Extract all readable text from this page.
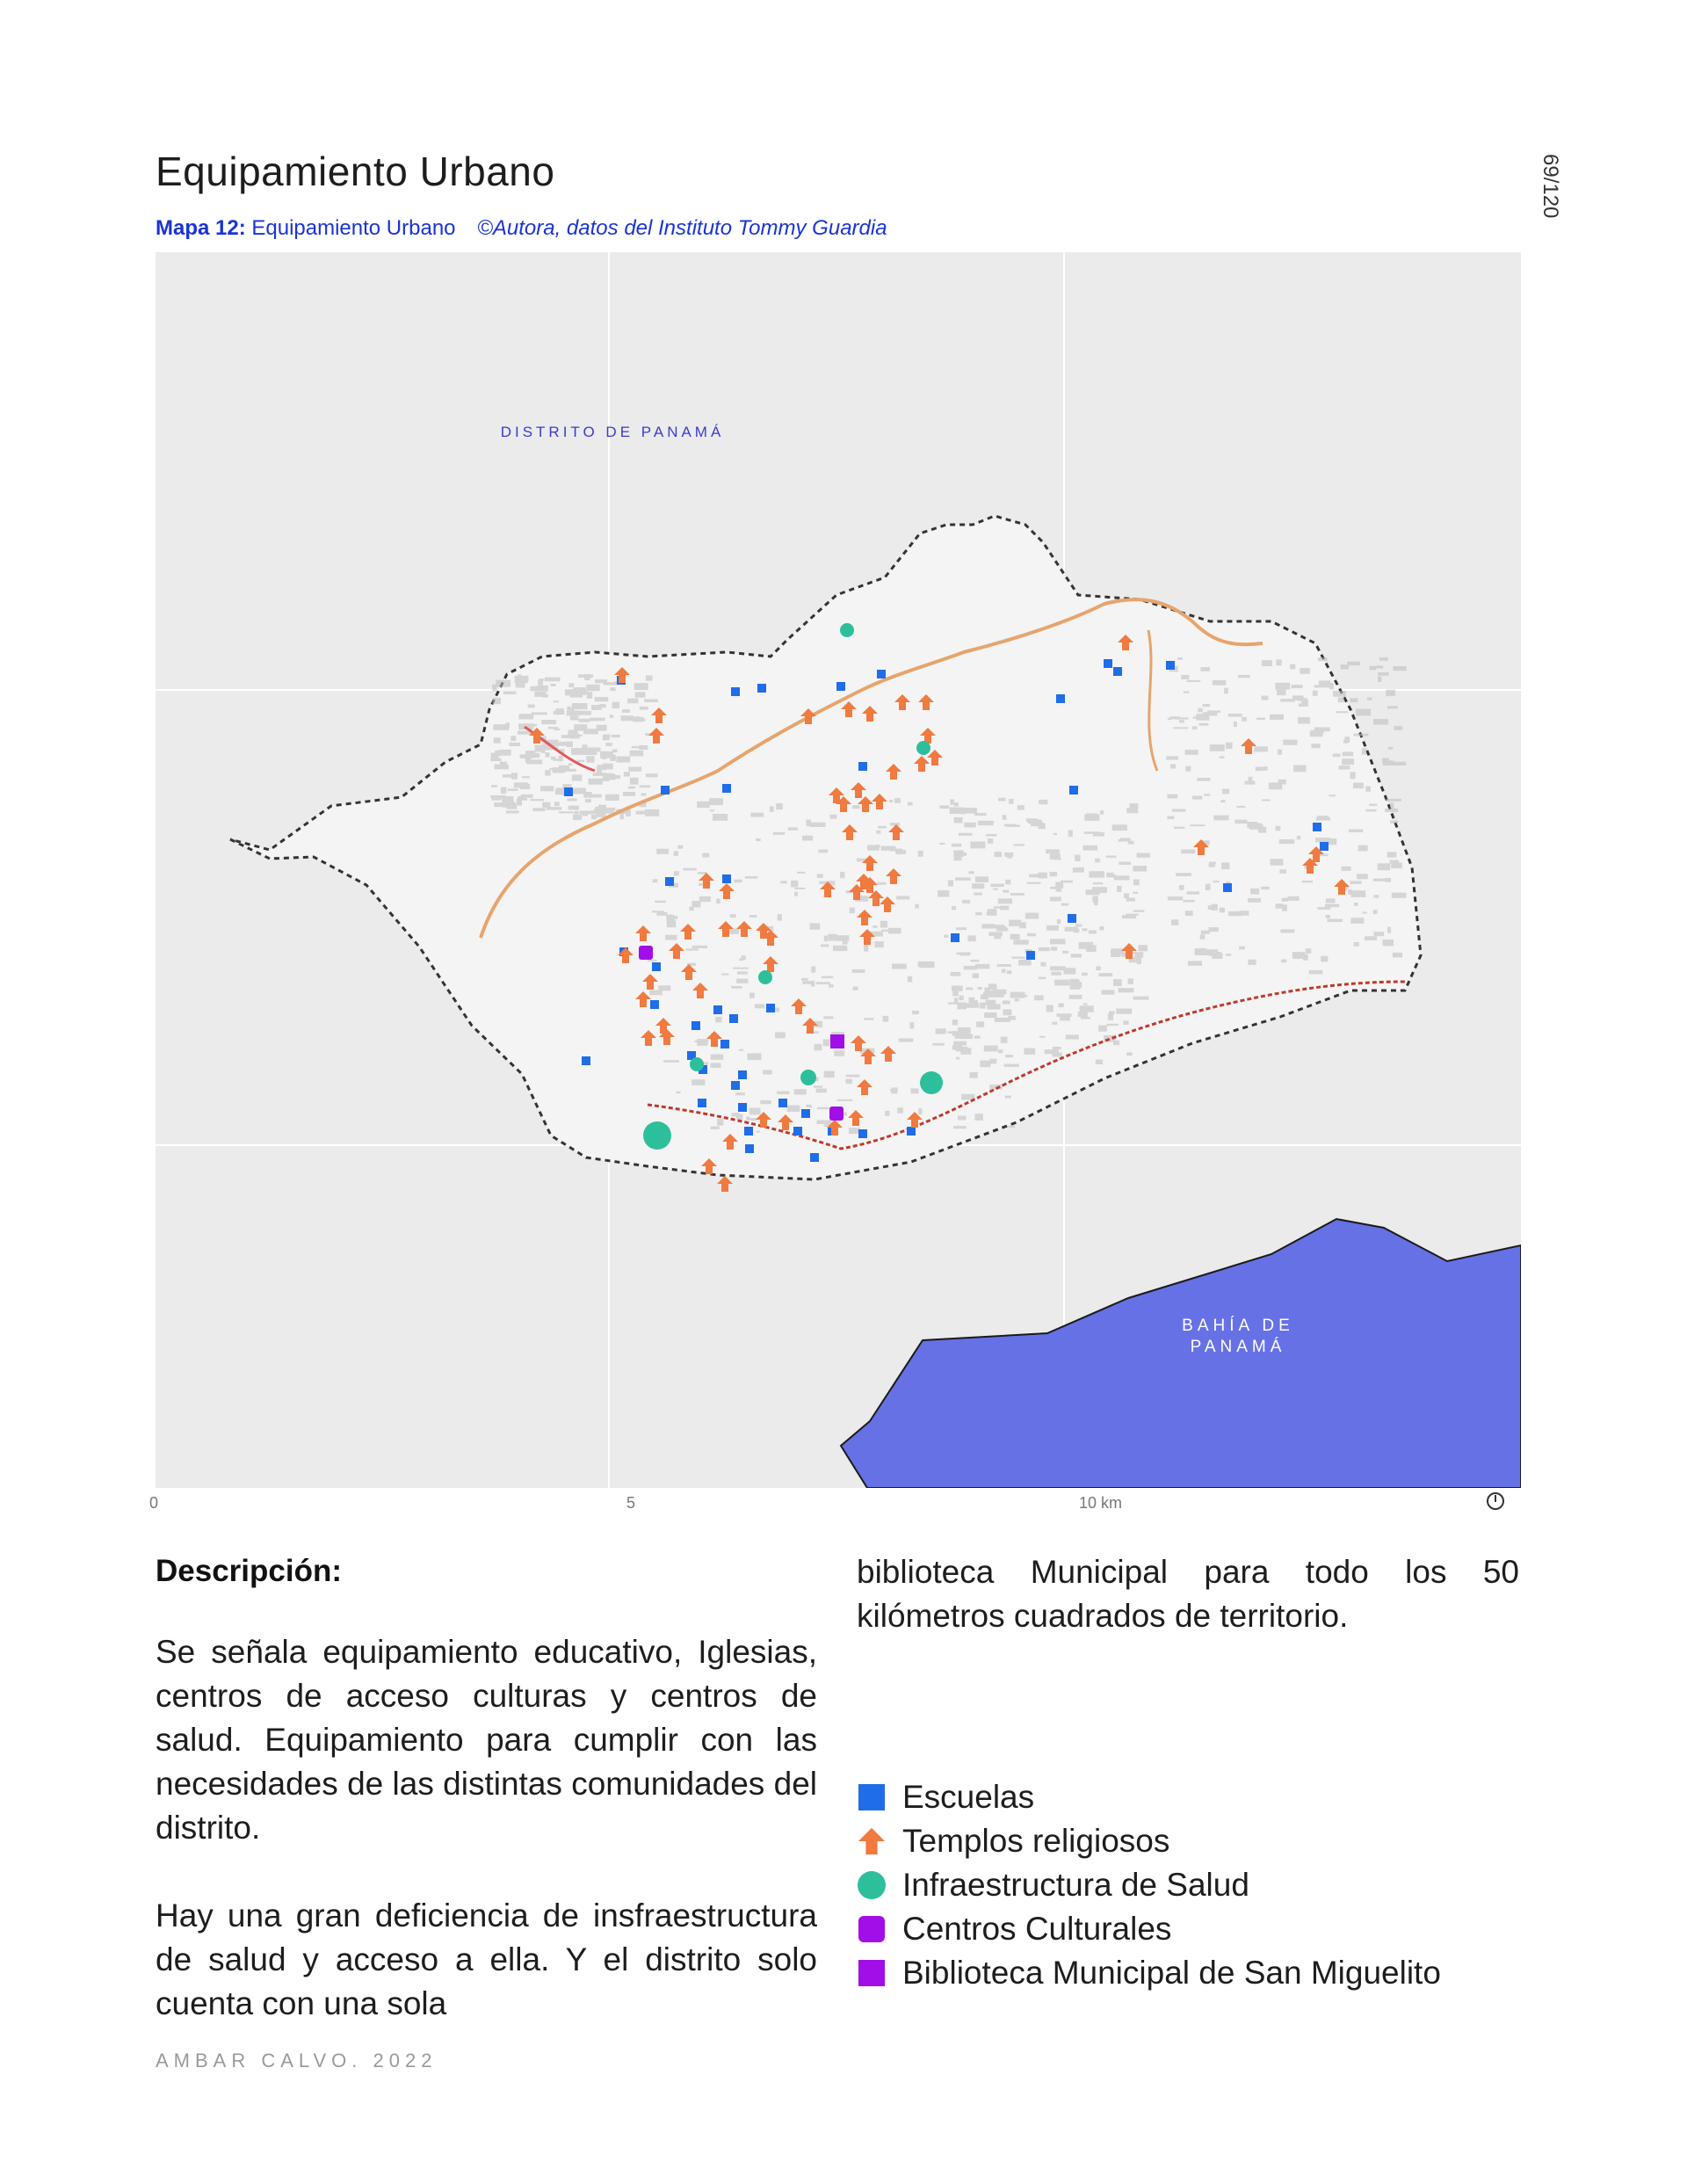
Equipamiento Urbano	69/120
Mapa 12: Equipamiento Urbano ©Autora, datos del Instituto Tommy Guardia
DISTRITO DE PANAMÁ
BAHÍA DE
PANAMÁ
0	5	10 km
Descripción:

Se señala equipamiento educativo, Iglesias, centros de acceso culturas y centros de salud. Equipamiento para cumplir con las necesidades de las distintas comunidades del distrito.

Hay una gran deficiencia de insfraestructura de salud y acceso a ella. Y el distrito solo cuenta con una sola

biblioteca Municipal para todo los 50 kilómetros cuadrados de territorio.

Escuelas
Templos religiosos
Infraestructura de Salud
Centros Culturales
Biblioteca Municipal de San Miguelito
AMBAR CALVO. 2022
